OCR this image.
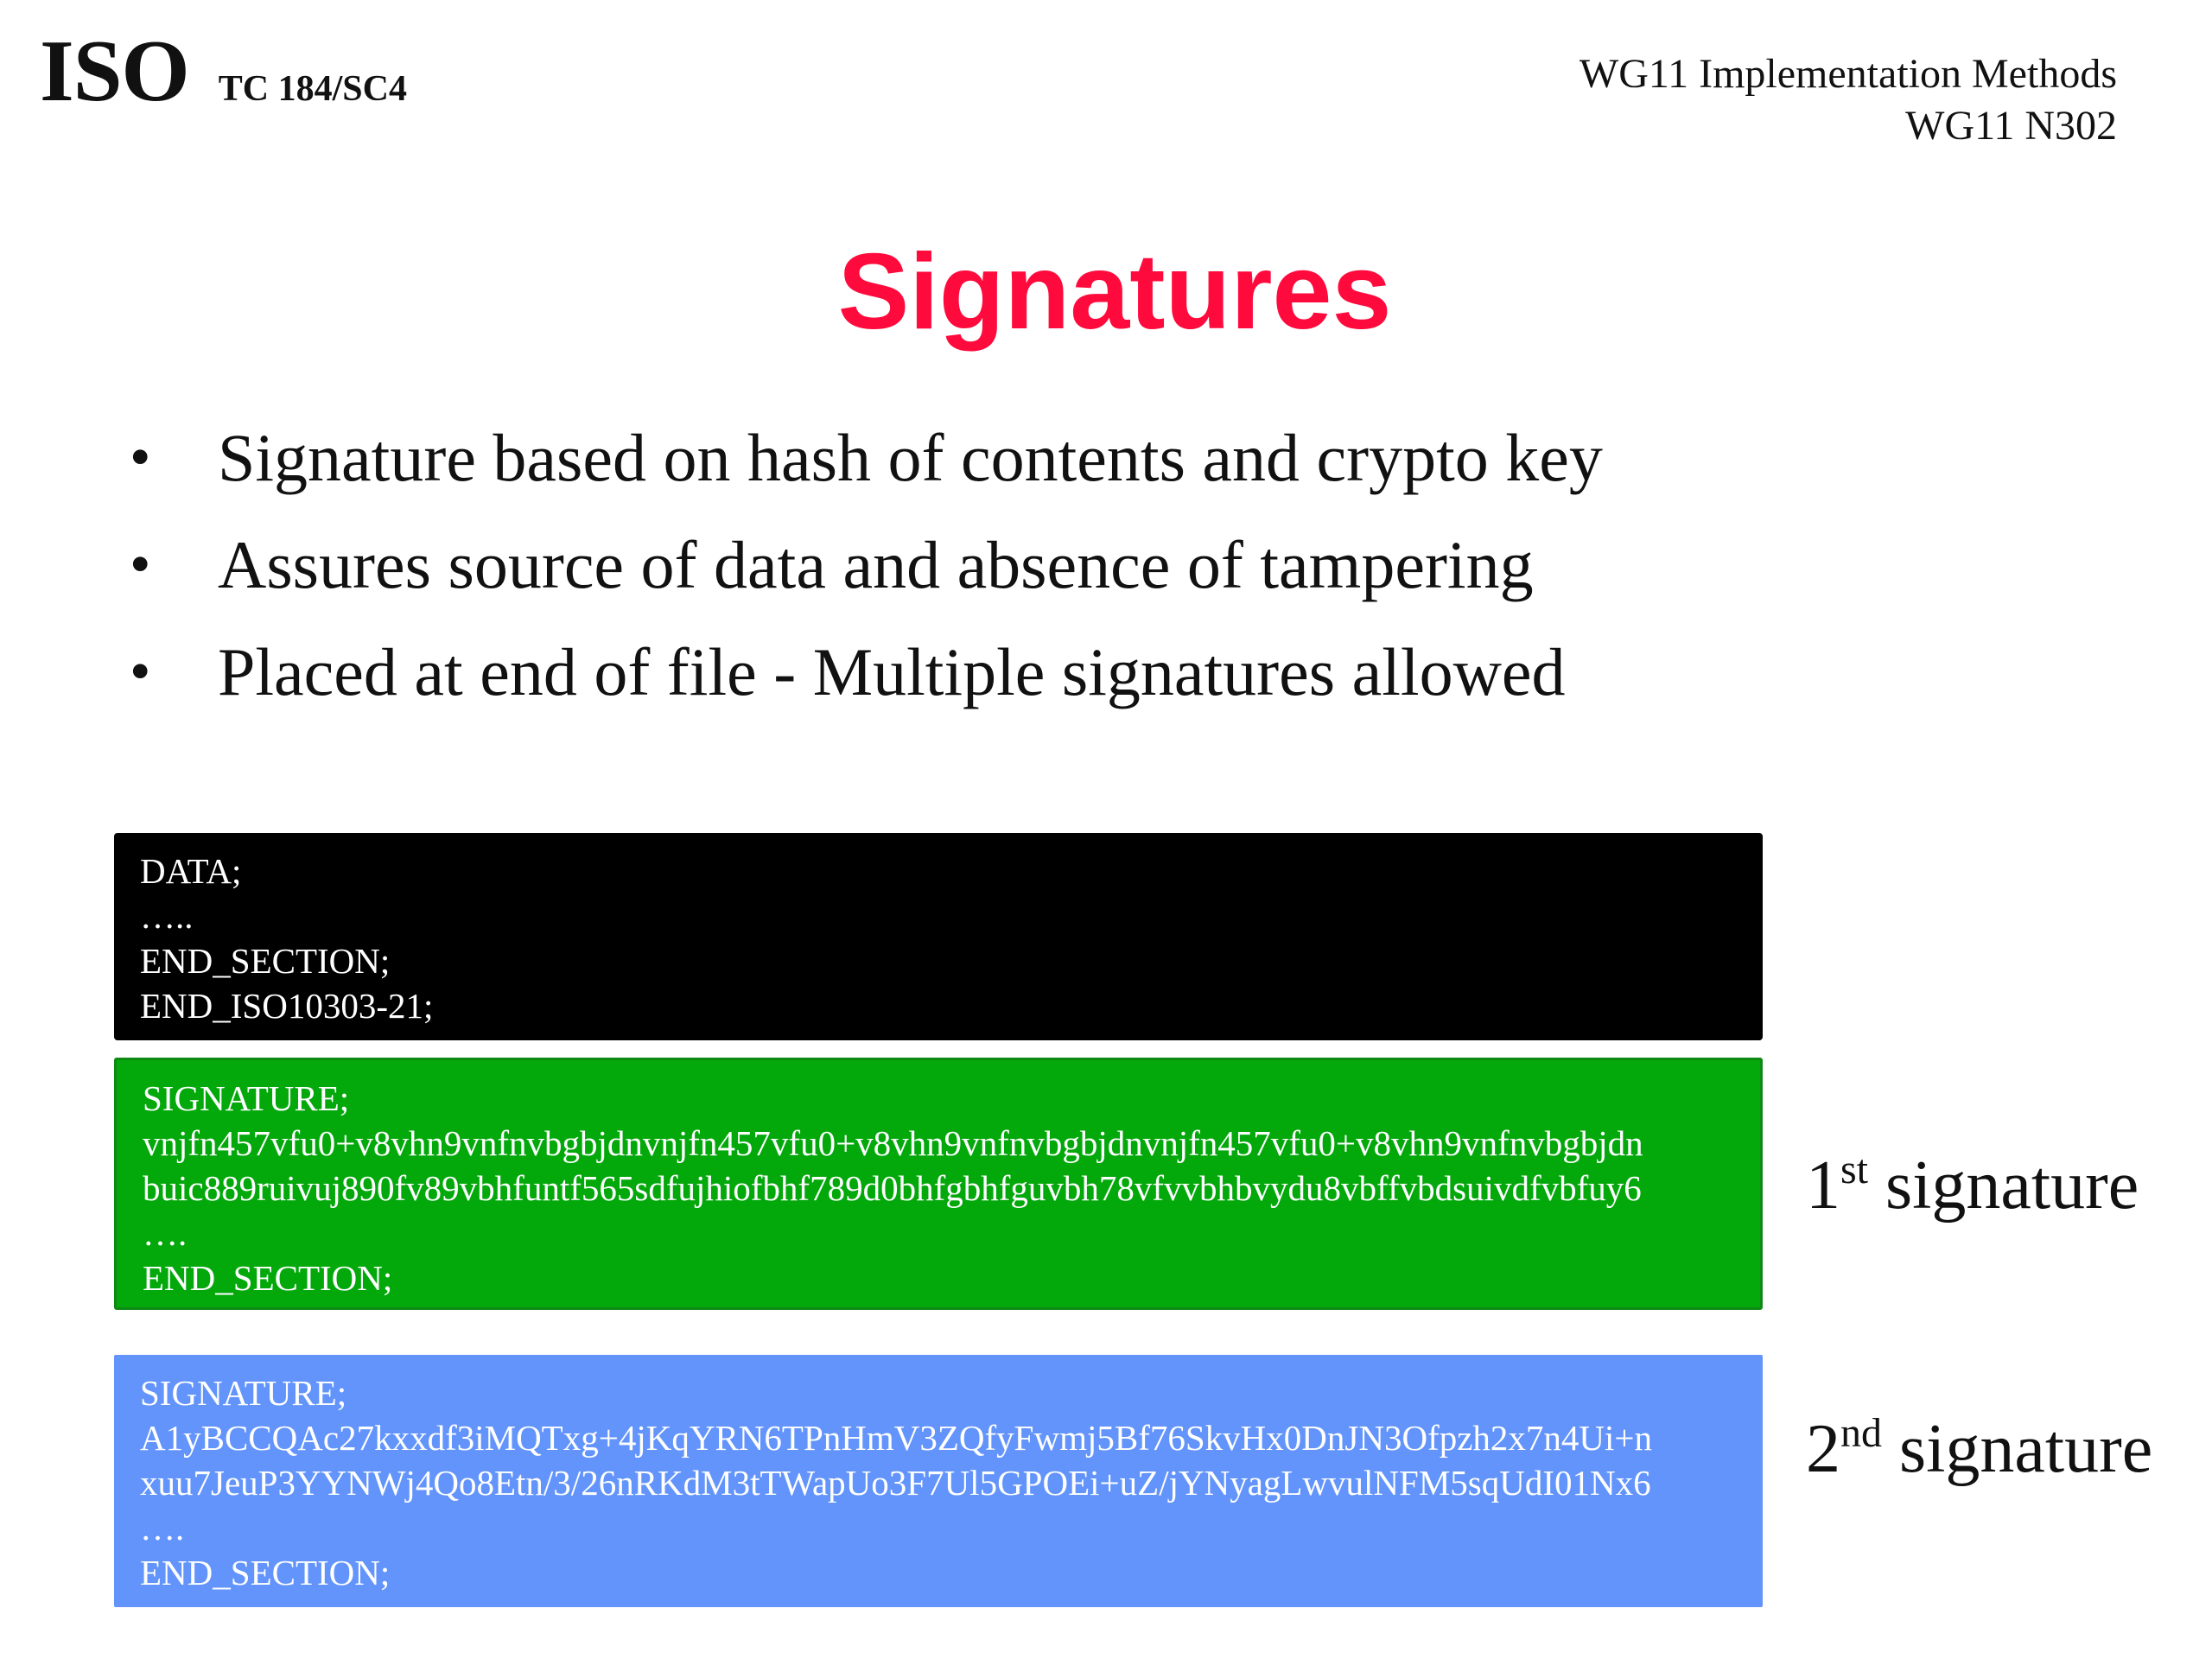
ISO TC 184/SC4	WG11 Implementation Methods
WG11 N302
Signatures
• Signature based on hash of contents and crypto key
• Assures source of data and absence of tampering
• Placed at end of file - Multiple signatures allowed
DATA;
…..
END_SECTION;
END_ISO10303-21;
SIGNATURE;
vnjfn457vfu0+v8vhn9vnfnvbgbjdnvnjfn457vfu0+v8vhn9vnfnvbgbjdnvnjfn457vfu0+v8vhn9vnfnvbgbjdn
buic889ruivuj890fv89vbhfuntf565sdfujhiofbhf789d0bhfgbhfguvbh78vfvvbhbvydu8vbffvbdsuivdfvbfuy6
….
END_SECTION;
1st signature
SIGNATURE;
A1yBCCQAc27kxxdf3iMQTxg+4jKqYRN6TPnHmV3ZQfyFwmj5Bf76SkvHx0DnJN3Ofpzh2x7n4Ui+n
xuu7JeuP3YYNWj4Qo8Etn/3/26nRKdM3tTWapUo3F7Ul5GPOEi+uZ/jYNyagLwvulNFM5sqUdI01Nx6
….
END_SECTION;
2nd signature
